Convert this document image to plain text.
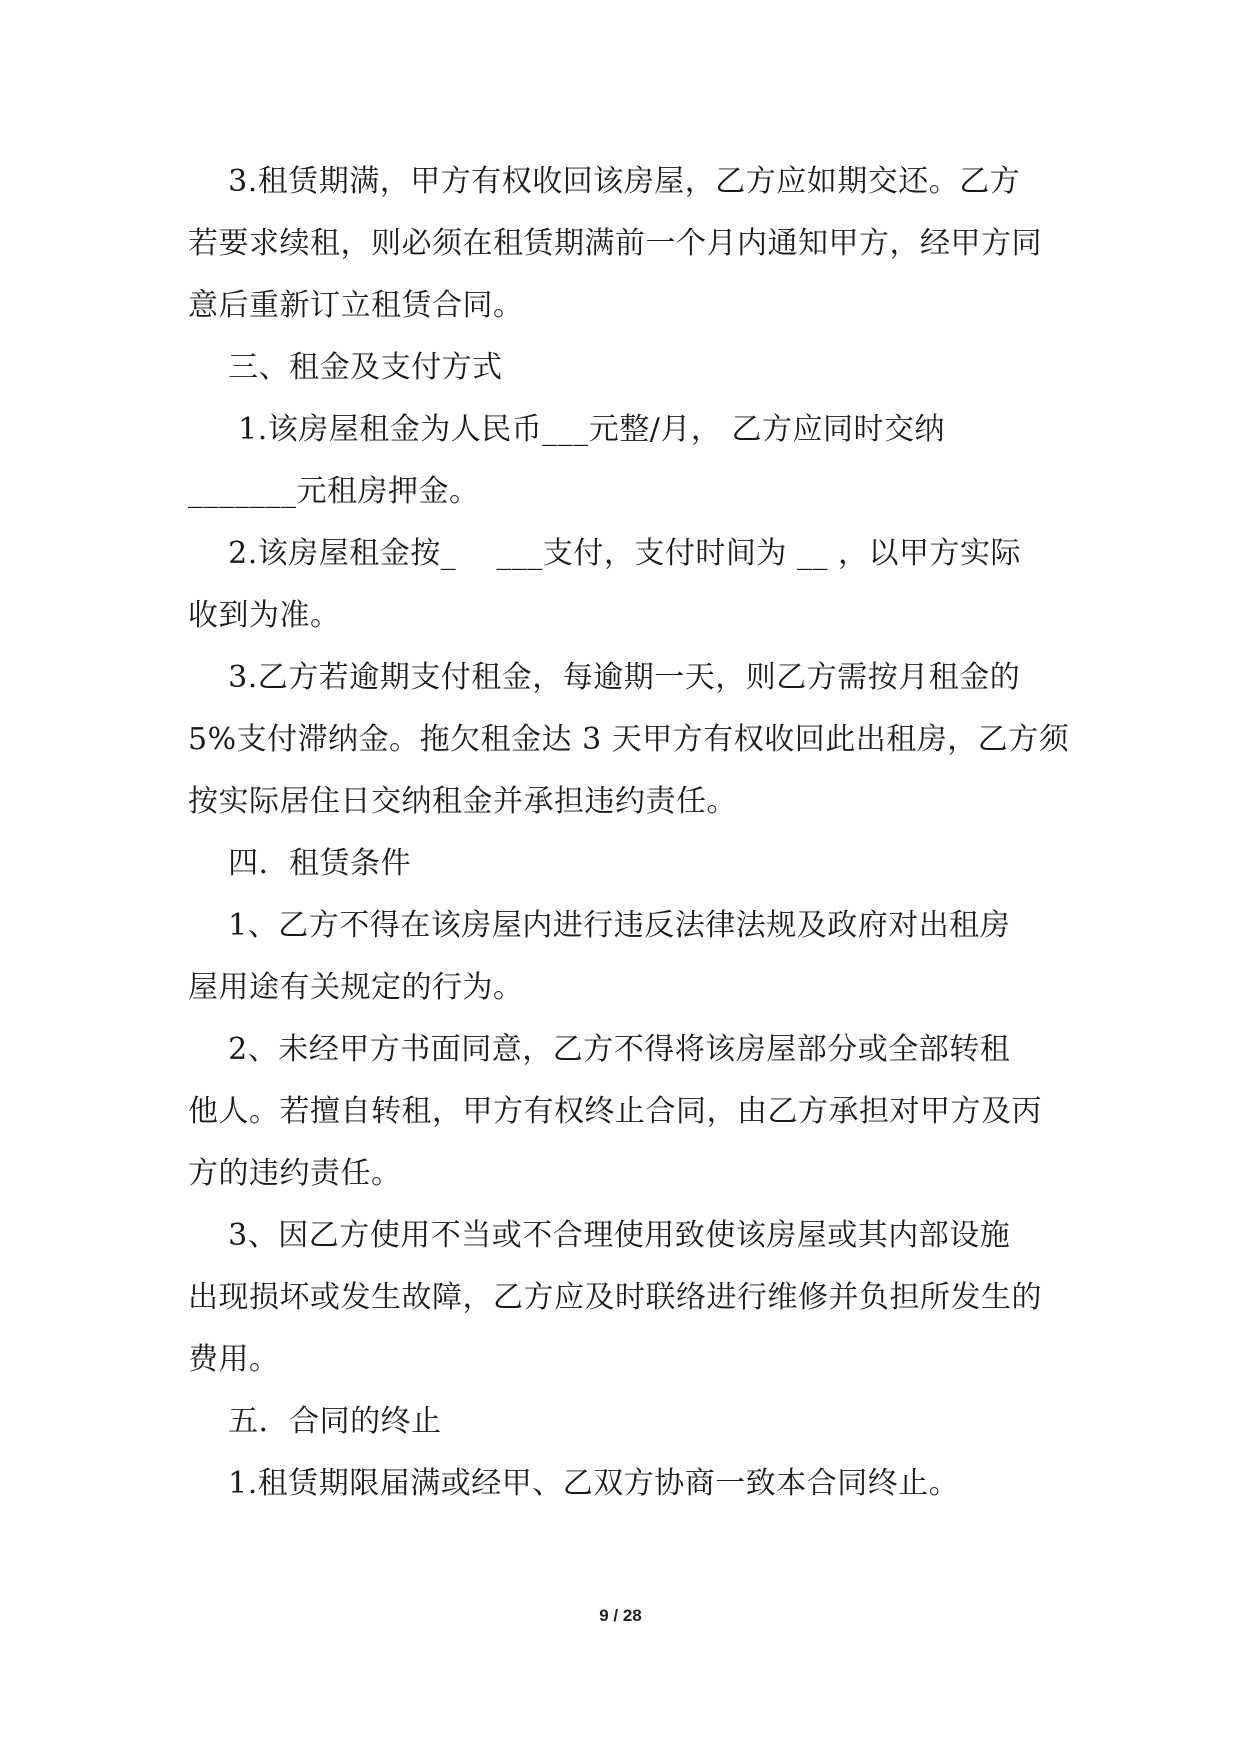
3.租赁期满，甲方有权收回该房屋，乙方应如期交还。乙方
若要求续租，则必须在租赁期满前一个月内通知甲方，经甲方同
意后重新订立租赁合同。
三、租金及支付方式
1.该房屋租金为人民币___元整/月， 乙方应同时交纳
_______元租房押金。
2.该房屋租金按_    ___支付，支付时间为 __ ，以甲方实际
收到为准。
3.乙方若逾期支付租金，每逾期一天，则乙方需按月租金的
5%支付滞纳金。拖欠租金达 3 天甲方有权收回此出租房，乙方须
按实际居住日交纳租金并承担违约责任。
四．租赁条件
1、乙方不得在该房屋内进行违反法律法规及政府对出租房
屋用途有关规定的行为。
2、未经甲方书面同意，乙方不得将该房屋部分或全部转租
他人。若擅自转租，甲方有权终止合同，由乙方承担对甲方及丙
方的违约责任。
3、因乙方使用不当或不合理使用致使该房屋或其内部设施
出现损坏或发生故障，乙方应及时联络进行维修并负担所发生的
费用。
五．合同的终止
1.租赁期限届满或经甲、乙双方协商一致本合同终止。
9 / 28
